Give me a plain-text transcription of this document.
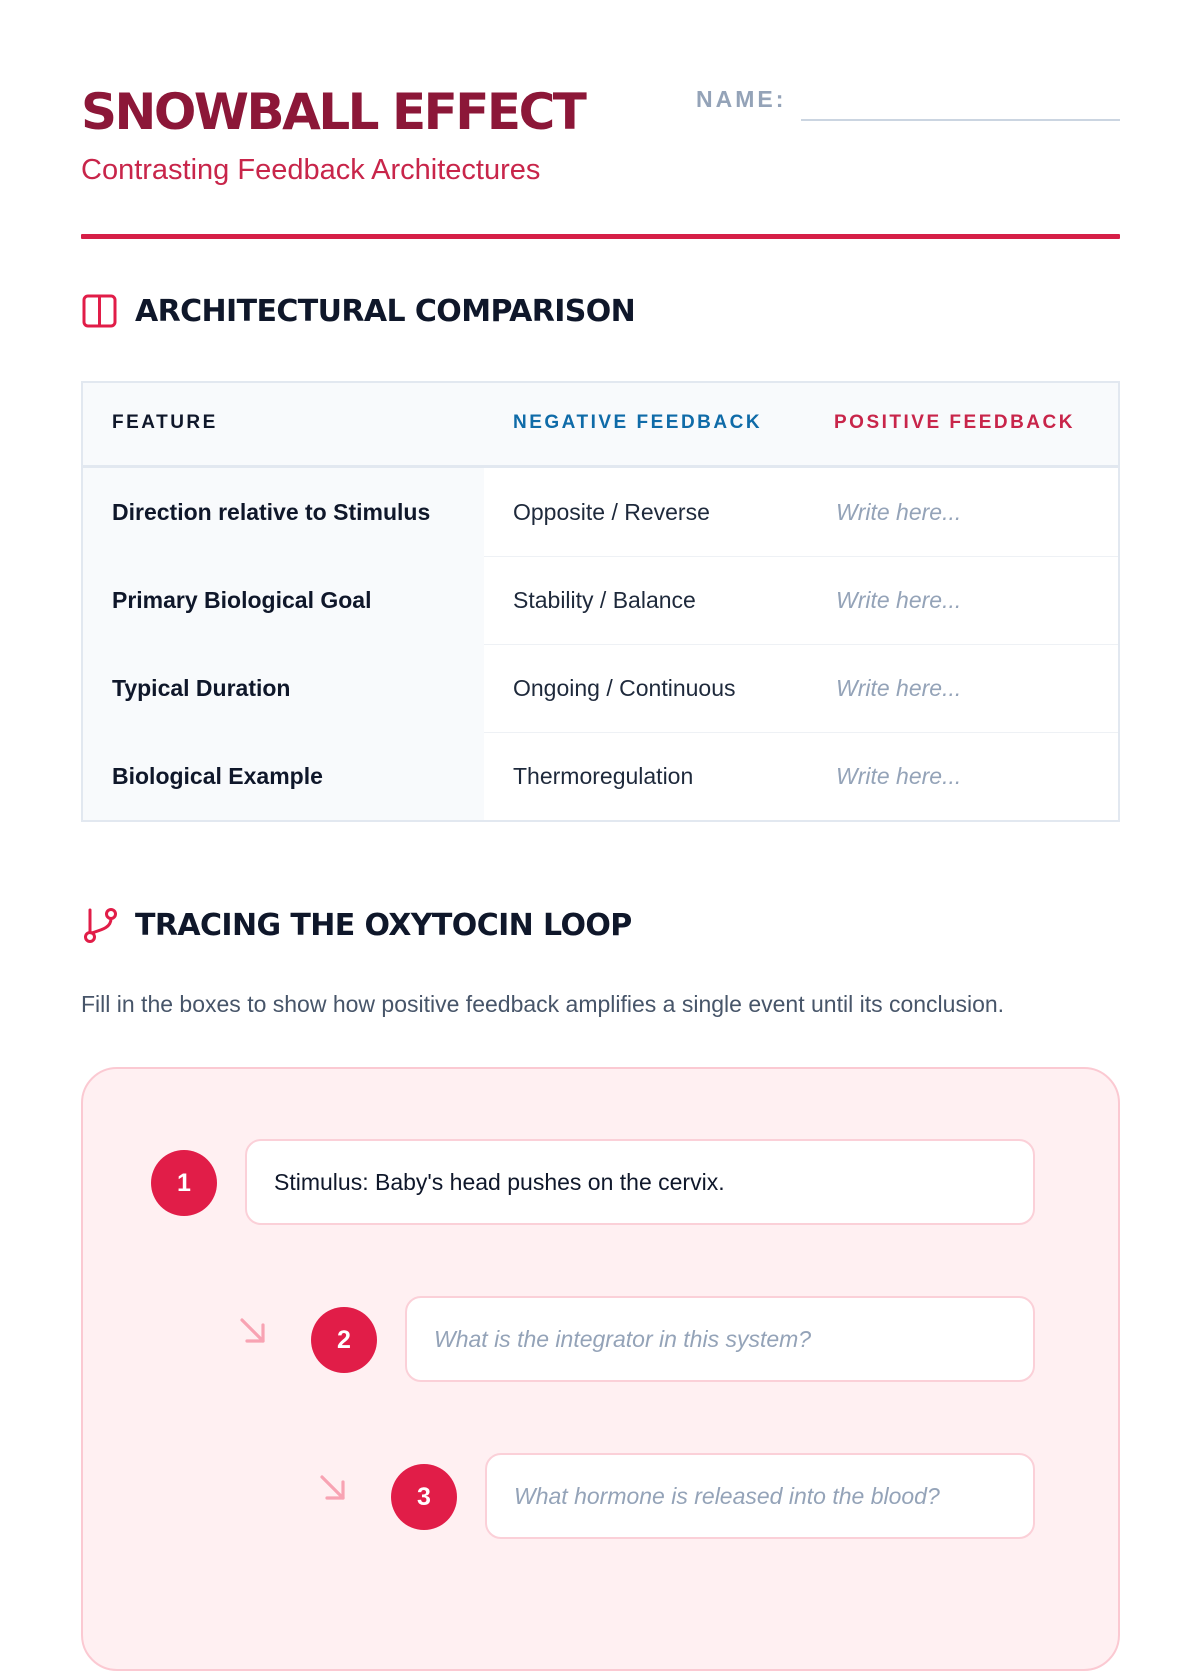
SNOWBALL EFFECT	NAME:

Contrasting Feedback Architectures

ARCHITECTURAL COMPARISON
FEATURE	NEGATIVE FEEDBACK	POSITIVE FEEDBACK
Direction relative to Stimulus	Opposite / Reverse	Write here...
Primary Biological Goal	Stability / Balance	Write here...
Typical Duration	Ongoing / Continuous	Write here...
Biological Example	Thermoregulation	Write here...
TRACING THE OXYTOCIN LOOP

Fill in the boxes to show how positive feedback amplifies a single event until its conclusion.

1	Stimulus: Baby's head pushes on the cervix.
2	What is the integrator in this system?
3	What hormone is released into the blood?
